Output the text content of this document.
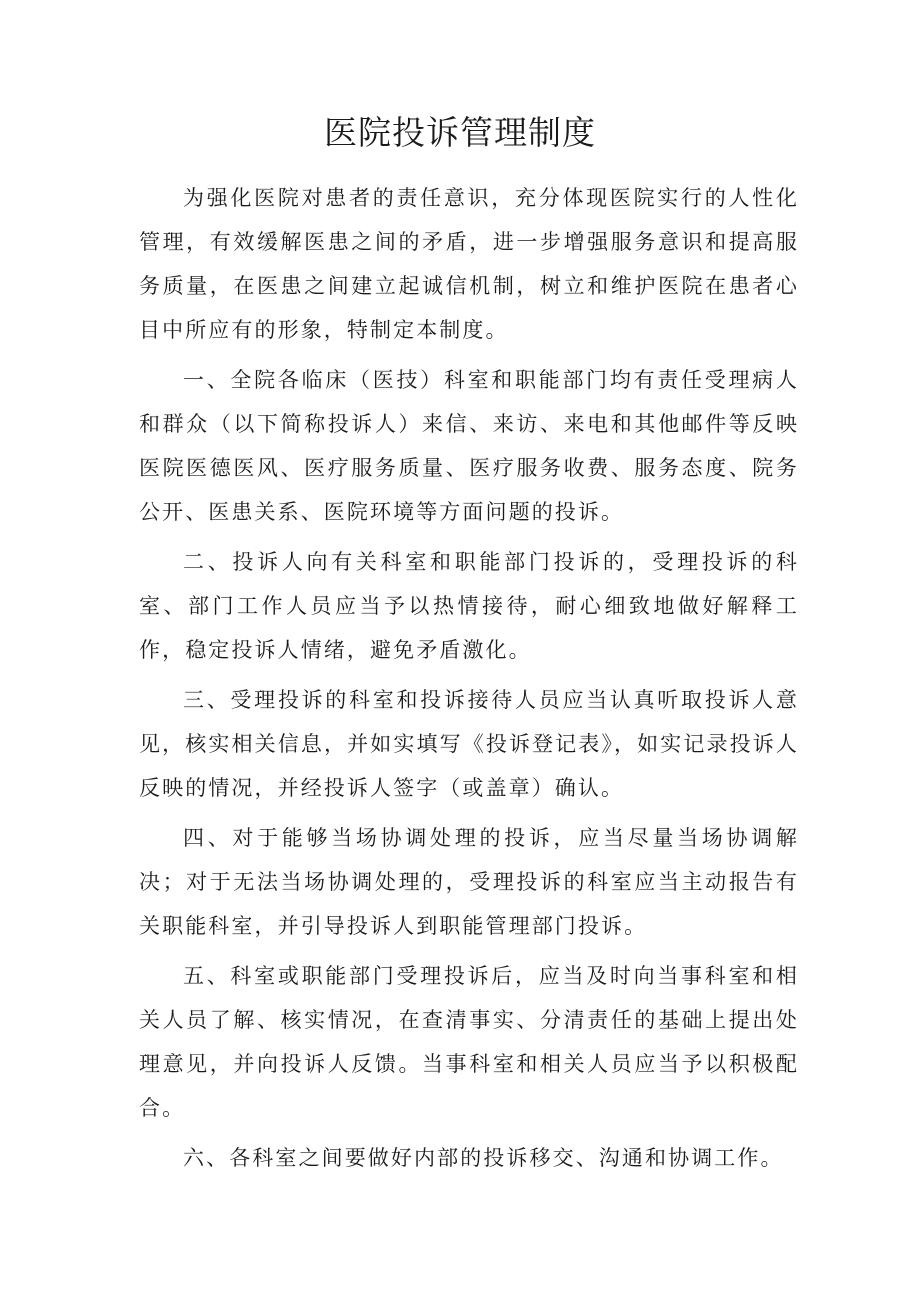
医院投诉管理制度

为强化医院对患者的责任意识，充分体现医院实行的人性化管理，有效缓解医患之间的矛盾，进一步增强服务意识和提高服务质量，在医患之间建立起诚信机制，树立和维护医院在患者心目中所应有的形象，特制定本制度。

一、全院各临床（医技）科室和职能部门均有责任受理病人和群众（以下简称投诉人）来信、来访、来电和其他邮件等反映医院医德医风、医疗服务质量、医疗服务收费、服务态度、院务公开、医患关系、医院环境等方面问题的投诉。

二、投诉人向有关科室和职能部门投诉的，受理投诉的科室、部门工作人员应当予以热情接待，耐心细致地做好解释工作，稳定投诉人情绪，避免矛盾激化。

三、受理投诉的科室和投诉接待人员应当认真听取投诉人意见，核实相关信息，并如实填写《投诉登记表》，如实记录投诉人反映的情况，并经投诉人签字（或盖章）确认。

四、对于能够当场协调处理的投诉，应当尽量当场协调解决；对于无法当场协调处理的，受理投诉的科室应当主动报告有关职能科室，并引导投诉人到职能管理部门投诉。

五、科室或职能部门受理投诉后，应当及时向当事科室和相关人员了解、核实情况，在查清事实、分清责任的基础上提出处理意见，并向投诉人反馈。当事科室和相关人员应当予以积极配合。

六、各科室之间要做好内部的投诉移交、沟通和协调工作。
